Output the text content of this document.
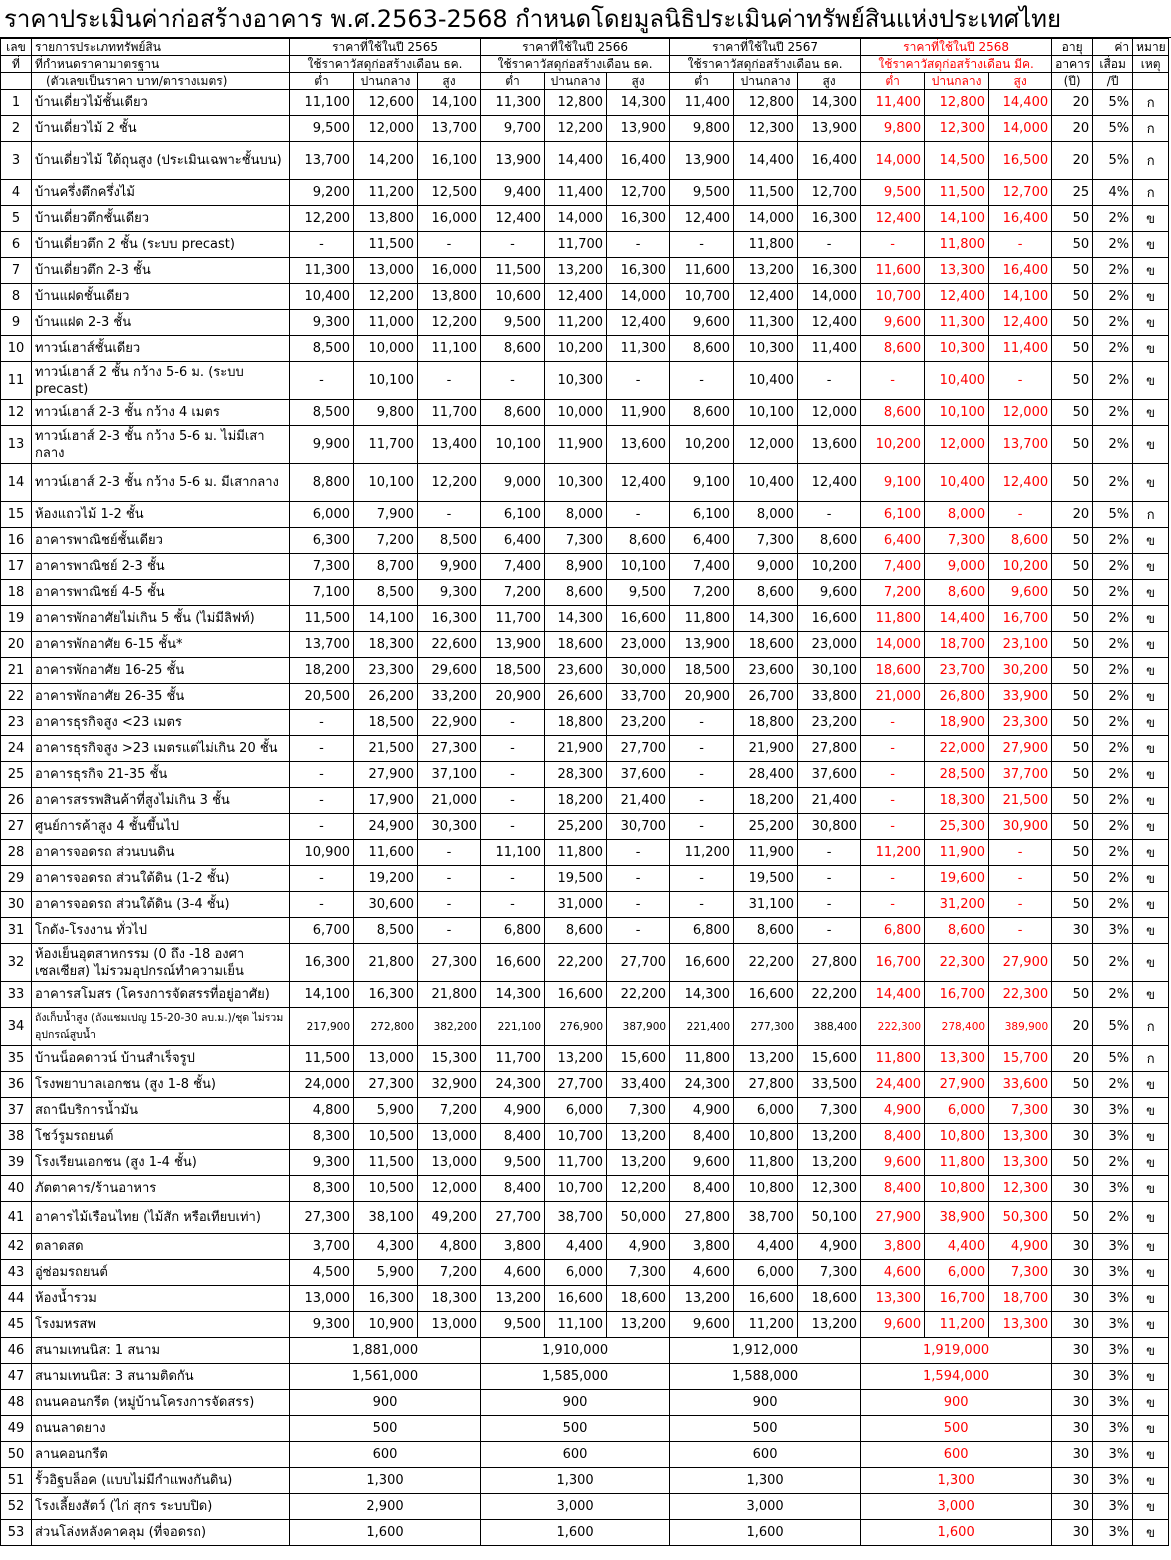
ราคาประเมินค่าก่อสร้างอาคาร พ.ศ.2563-2568 กำหนดโดยมูลนิธิประเมินค่าทรัพย์สินแห่งประเทศไทย
เลข	รายการประเภททรัพย์สิน	ราคาที่ใช้ในปี 2565			ราคาที่ใช้ในปี 2566			ราคาที่ใช้ในปี 2567			ราคาที่ใช้ในปี 2568			อายุ	ค่า	หมาย
ที่	ที่กำหนดราคามาตรฐาน	ใช้ราคาวัสดุก่อสร้างเดือน ธค.			ใช้ราคาวัสดุก่อสร้างเดือน ธค.			ใช้ราคาวัสดุก่อสร้างเดือน ธค.			ใช้ราคาวัสดุก่อสร้างเดือน มีค.			อาคาร	เสื่อม	เหตุ
	(ตัวเลขเป็นราคา บาท/ตารางเมตร)	ต่ำ	ปานกลาง	สูง	ต่ำ	ปานกลาง	สูง	ต่ำ	ปานกลาง	สูง	ต่ำ	ปานกลาง	สูง	(ปี)	/ปี	
1	บ้านเดี่ยวไม้ชั้นเดียว	11,100	12,600	14,100	11,300	12,800	14,300	11,400	12,800	14,300	11,400	12,800	14,400	20	5%	ก
2	บ้านเดี่ยวไม้ 2 ชั้น	9,500	12,000	13,700	9,700	12,200	13,900	9,800	12,300	13,900	9,800	12,300	14,000	20	5%	ก
3	บ้านเดี่ยวไม้ ใต้ถุนสูง (ประเมินเฉพาะชั้นบน)	13,700	14,200	16,100	13,900	14,400	16,400	13,900	14,400	16,400	14,000	14,500	16,500	20	5%	ก
4	บ้านครึ่งตึกครึ่งไม้	9,200	11,200	12,500	9,400	11,400	12,700	9,500	11,500	12,700	9,500	11,500	12,700	25	4%	ก
5	บ้านเดี่ยวตึกชั้นเดียว	12,200	13,800	16,000	12,400	14,000	16,300	12,400	14,000	16,300	12,400	14,100	16,400	50	2%	ข
6	บ้านเดี่ยวตึก 2 ชั้น (ระบบ precast)	-	11,500	-	-	11,700	-	-	11,800	-	-	11,800	-	50	2%	ข
7	บ้านเดี่ยวตึก 2-3 ชั้น	11,300	13,000	16,000	11,500	13,200	16,300	11,600	13,200	16,300	11,600	13,300	16,400	50	2%	ข
8	บ้านแฝดชั้นเดียว	10,400	12,200	13,800	10,600	12,400	14,000	10,700	12,400	14,000	10,700	12,400	14,100	50	2%	ข
9	บ้านแฝด 2-3 ชั้น	9,300	11,000	12,200	9,500	11,200	12,400	9,600	11,300	12,400	9,600	11,300	12,400	50	2%	ข
10	ทาวน์เฮาส์ชั้นเดียว	8,500	10,000	11,100	8,600	10,200	11,300	8,600	10,300	11,400	8,600	10,300	11,400	50	2%	ข
11	ทาวน์เฮาส์ 2 ชั้น กว้าง 5-6 ม. (ระบบ precast)	-	10,100	-	-	10,300	-	-	10,400	-	-	10,400	-	50	2%	ข
12	ทาวน์เฮาส์ 2-3 ชั้น กว้าง 4 เมตร	8,500	9,800	11,700	8,600	10,000	11,900	8,600	10,100	12,000	8,600	10,100	12,000	50	2%	ข
13	ทาวน์เฮาส์ 2-3 ชั้น กว้าง 5-6 ม. ไม่มีเสากลาง	9,900	11,700	13,400	10,100	11,900	13,600	10,200	12,000	13,600	10,200	12,000	13,700	50	2%	ข
14	ทาวน์เฮาส์ 2-3 ชั้น กว้าง 5-6 ม. มีเสากลาง	8,800	10,100	12,200	9,000	10,300	12,400	9,100	10,400	12,400	9,100	10,400	12,400	50	2%	ข
15	ห้องแถวไม้ 1-2 ชั้น	6,000	7,900	-	6,100	8,000	-	6,100	8,000	-	6,100	8,000	-	20	5%	ก
16	อาคารพาณิชย์ชั้นเดียว	6,300	7,200	8,500	6,400	7,300	8,600	6,400	7,300	8,600	6,400	7,300	8,600	50	2%	ข
17	อาคารพาณิชย์ 2-3 ชั้น	7,300	8,700	9,900	7,400	8,900	10,100	7,400	9,000	10,200	7,400	9,000	10,200	50	2%	ข
18	อาคารพาณิชย์ 4-5 ชั้น	7,100	8,500	9,300	7,200	8,600	9,500	7,200	8,600	9,600	7,200	8,600	9,600	50	2%	ข
19	อาคารพักอาศัยไม่เกิน 5 ชั้น (ไม่มีลิฟท์)	11,500	14,100	16,300	11,700	14,300	16,600	11,800	14,300	16,600	11,800	14,400	16,700	50	2%	ข
20	อาคารพักอาศัย 6-15 ชั้น*	13,700	18,300	22,600	13,900	18,600	23,000	13,900	18,600	23,000	14,000	18,700	23,100	50	2%	ข
21	อาคารพักอาศัย 16-25 ชั้น	18,200	23,300	29,600	18,500	23,600	30,000	18,500	23,600	30,100	18,600	23,700	30,200	50	2%	ข
22	อาคารพักอาศัย 26-35 ชั้น	20,500	26,200	33,200	20,900	26,600	33,700	20,900	26,700	33,800	21,000	26,800	33,900	50	2%	ข
23	อาคารธุรกิจสูง <23 เมตร	-	18,500	22,900	-	18,800	23,200	-	18,800	23,200	-	18,900	23,300	50	2%	ข
24	อาคารธุรกิจสูง >23 เมตรแต่ไม่เกิน 20 ชั้น	-	21,500	27,300	-	21,900	27,700	-	21,900	27,800	-	22,000	27,900	50	2%	ข
25	อาคารธุรกิจ 21-35 ชั้น	-	27,900	37,100	-	28,300	37,600	-	28,400	37,600	-	28,500	37,700	50	2%	ข
26	อาคารสรรพสินค้าที่สูงไม่เกิน 3 ชั้น	-	17,900	21,000	-	18,200	21,400	-	18,200	21,400	-	18,300	21,500	50	2%	ข
27	ศูนย์การค้าสูง 4 ชั้นขึ้นไป	-	24,900	30,300	-	25,200	30,700	-	25,200	30,800	-	25,300	30,900	50	2%	ข
28	อาคารจอดรถ ส่วนบนดิน	10,900	11,600	-	11,100	11,800	-	11,200	11,900	-	11,200	11,900	-	50	2%	ข
29	อาคารจอดรถ ส่วนใต้ดิน (1-2 ชั้น)	-	19,200	-	-	19,500	-	-	19,500	-	-	19,600	-	50	2%	ข
30	อาคารจอดรถ ส่วนใต้ดิน (3-4 ชั้น)	-	30,600	-	-	31,000	-	-	31,100	-	-	31,200	-	50	2%	ข
31	โกดัง-โรงงาน ทั่วไป	6,700	8,500	-	6,800	8,600	-	6,800	8,600	-	6,800	8,600	-	30	3%	ข
32	ห้องเย็นอุตสาหกรรม (0 ถึง -18 องศาเซลเซียส) ไม่รวมอุปกรณ์ทำความเย็น	16,300	21,800	27,300	16,600	22,200	27,700	16,600	22,200	27,800	16,700	22,300	27,900	50	2%	ข
33	อาคารสโมสร (โครงการจัดสรรที่อยู่อาศัย)	14,100	16,300	21,800	14,300	16,600	22,200	14,300	16,600	22,200	14,400	16,700	22,300	50	2%	ข
34	ถังเก็บน้ำสูง (ถังแชมเปญ 15-20-30 ลบ.ม.)/ชุด ไม่รวมอุปกรณ์สูบน้ำ	217,900	272,800	382,200	221,100	276,900	387,900	221,400	277,300	388,400	222,300	278,400	389,900	20	5%	ก
35	บ้านน็อคดาวน์ บ้านสำเร็จรูป	11,500	13,000	15,300	11,700	13,200	15,600	11,800	13,200	15,600	11,800	13,300	15,700	20	5%	ก
36	โรงพยาบาลเอกชน (สูง 1-8 ชั้น)	24,000	27,300	32,900	24,300	27,700	33,400	24,300	27,800	33,500	24,400	27,900	33,600	50	2%	ข
37	สถานีบริการน้ำมัน	4,800	5,900	7,200	4,900	6,000	7,300	4,900	6,000	7,300	4,900	6,000	7,300	30	3%	ข
38	โชว์รูมรถยนต์	8,300	10,500	13,000	8,400	10,700	13,200	8,400	10,800	13,200	8,400	10,800	13,300	30	3%	ข
39	โรงเรียนเอกชน (สูง 1-4 ชั้น)	9,300	11,500	13,000	9,500	11,700	13,200	9,600	11,800	13,200	9,600	11,800	13,300	50	2%	ข
40	ภัตตาคาร/ร้านอาหาร	8,300	10,500	12,000	8,400	10,700	12,200	8,400	10,800	12,300	8,400	10,800	12,300	30	3%	ข
41	อาคารไม้เรือนไทย (ไม้สัก หรือเทียบเท่า)	27,300	38,100	49,200	27,700	38,700	50,000	27,800	38,700	50,100	27,900	38,900	50,300	50	2%	ข
42	ตลาดสด	3,700	4,300	4,800	3,800	4,400	4,900	3,800	4,400	4,900	3,800	4,400	4,900	30	3%	ข
43	อู่ซ่อมรถยนต์	4,500	5,900	7,200	4,600	6,000	7,300	4,600	6,000	7,300	4,600	6,000	7,300	30	3%	ข
44	ห้องน้ำรวม	13,000	16,300	18,300	13,200	16,600	18,600	13,200	16,600	18,600	13,300	16,700	18,700	30	3%	ข
45	โรงมหรสพ	9,300	10,900	13,000	9,500	11,100	13,200	9,600	11,200	13,200	9,600	11,200	13,300	30	3%	ข
46	สนามเทนนิส: 1 สนาม	1,881,000			1,910,000			1,912,000			1,919,000			30	3%	ข
47	สนามเทนนิส: 3 สนามติดกัน	1,561,000			1,585,000			1,588,000			1,594,000			30	3%	ข
48	ถนนคอนกรีต (หมู่บ้านโครงการจัดสรร)	900			900			900			900			30	3%	ข
49	ถนนลาดยาง	500			500			500			500			30	3%	ข
50	ลานคอนกรีต	600			600			600			600			30	3%	ข
51	รั้วอิฐบล็อค (แบบไม่มีกำแพงกันดิน)	1,300			1,300			1,300			1,300			30	3%	ข
52	โรงเลี้ยงสัตว์ (ไก่ สุกร ระบบปิด)	2,900			3,000			3,000			3,000			30	3%	ข
53	ส่วนโล่งหลังคาคลุม (ที่จอดรถ)	1,600			1,600			1,600			1,600			30	3%	ข
